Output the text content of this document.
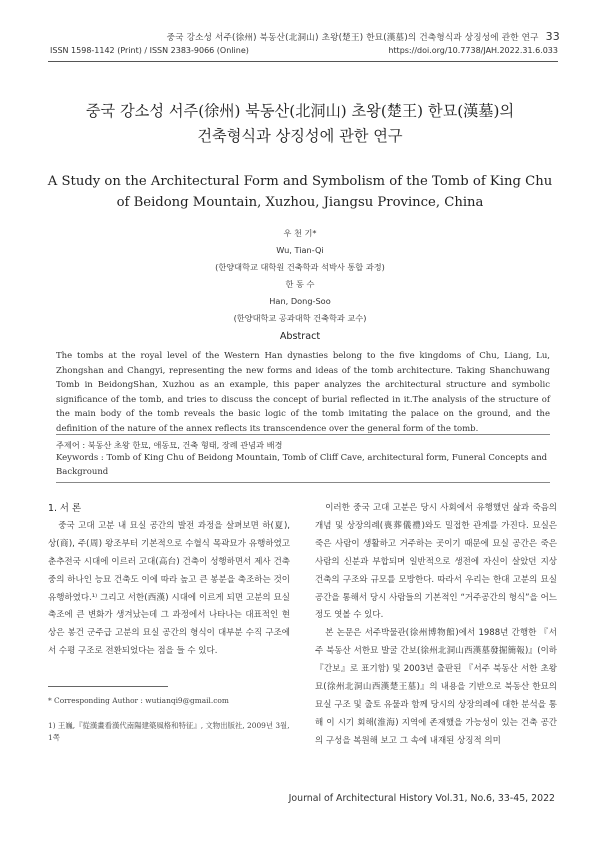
중국 강소성 서주(徐州) 북동산(北洞山) 초왕(楚王) 한묘(漢墓)의 건축형식과 상징성에 관한 연구 33
ISSN 1598-1142 (Print) / ISSN 2383-9066 (Online)	https://doi.org/10.7738/JAH.2022.31.6.033
중국 강소성 서주(徐州) 북동산(北洞山) 초왕(楚王) 한묘(漢墓)의
건축형식과 상징성에 관한 연구
A Study on the Architectural Form and Symbolism of the Tomb of King Chu
of Beidong Mountain, Xuzhou, Jiangsu Province, China
우 천 기*
Wu, Tian-Qi
(한양대학교 대학원 건축학과 석박사 통합 과정)
한 동 수
Han, Dong-Soo
(한양대학교 공과대학 건축학과 교수)
Abstract
The tombs at the royal level of the Western Han dynasties belong to the five kingdoms of Chu, Liang, Lu, Zhongshan and Changyi, representing the new forms and ideas of the tomb architecture. Taking Shanchuwang Tomb in BeidongShan, Xuzhou as an example, this paper analyzes the architectural structure and symbolic significance of the tomb, and tries to discuss the concept of burial reflected in it.The analysis of the structure of the main body of the tomb reveals the basic logic of the tomb imitating the palace on the ground, and the definition of the nature of the annex reflects its transcendence over the general form of the tomb.
주제어 : 북동산 초왕 한묘, 애동묘, 건축 형태, 장례 관념과 배경
Keywords : Tomb of King Chu of Beidong Mountain, Tomb of Cliff Cave, architectural form, Funeral Concepts and Background

1. 서 론

중국 고대 고분 내 묘실 공간의 발전 과정을 살펴보면 하(夏), 상(商), 주(周) 왕조부터 기본적으로 수혈식 목곽묘가 유행하였고 춘추전국 시대에 이르러 고대(高台) 건축이 성행하면서 제사 건축 중의 하나인 능묘 건축도 이에 따라 높고 큰 봉분을 축조하는 것이 유행하였다.¹⁾ 그리고 서한(西漢) 시대에 이르게 되면 고분의 묘실 축조에 큰 변화가 생겨났는데 그 과정에서 나타나는 대표적인 현상은 봉건 군주급 고분의 묘실 공간의 형식이 대부분 수직 구조에서 수평 구조로 전환되었다는 점을 들 수 있다.

이러한 중국 고대 고분은 당시 사회에서 유행했던 삶과 죽음의 개념 및 상장의례(喪葬儀禮)와도 밀접한 관계를 가진다. 묘실은 죽은 사람이 생활하고 거주하는 곳이기 때문에 묘실 공간은 죽은 사람의 신분과 부합되며 일반적으로 생전에 자신이 살았던 지상 건축의 구조와 규모를 모방한다. 따라서 우리는 한대 고분의 묘실 공간을 통해서 당시 사람들의 기본적인 “거주공간의 형식”을 어느 정도 엿볼 수 있다.

본 논문은 서주박물관(徐州博物館)에서 1988년 간행한 『서주 북동산 서한묘 발굴 간보(徐州北洞山西漢墓發掘簡報)』(이하 『간보』로 표기함) 및 2003년 출판된 『서주 북동산 서한 초왕묘(徐州北洞山西漢楚王墓)』의 내용을 기반으로 북동산 한묘의 묘실 구조 및 출토 유물과 함께 당시의 상장의례에 대한 분석을 통해 이 시기 회해(淮海) 지역에 존재했을 가능성이 있는 건축 공간의 구성을 복원해 보고 그 속에 내재된 상징적 의미

* Corresponding Author : wutianqi9@gmail.com
1) 王巍,『從漢畫看漢代南陽建築風格和特征』, 文物出版社, 2009년 3월, 1쪽
Journal of Architectural History Vol.31, No.6, 33-45, 2022
